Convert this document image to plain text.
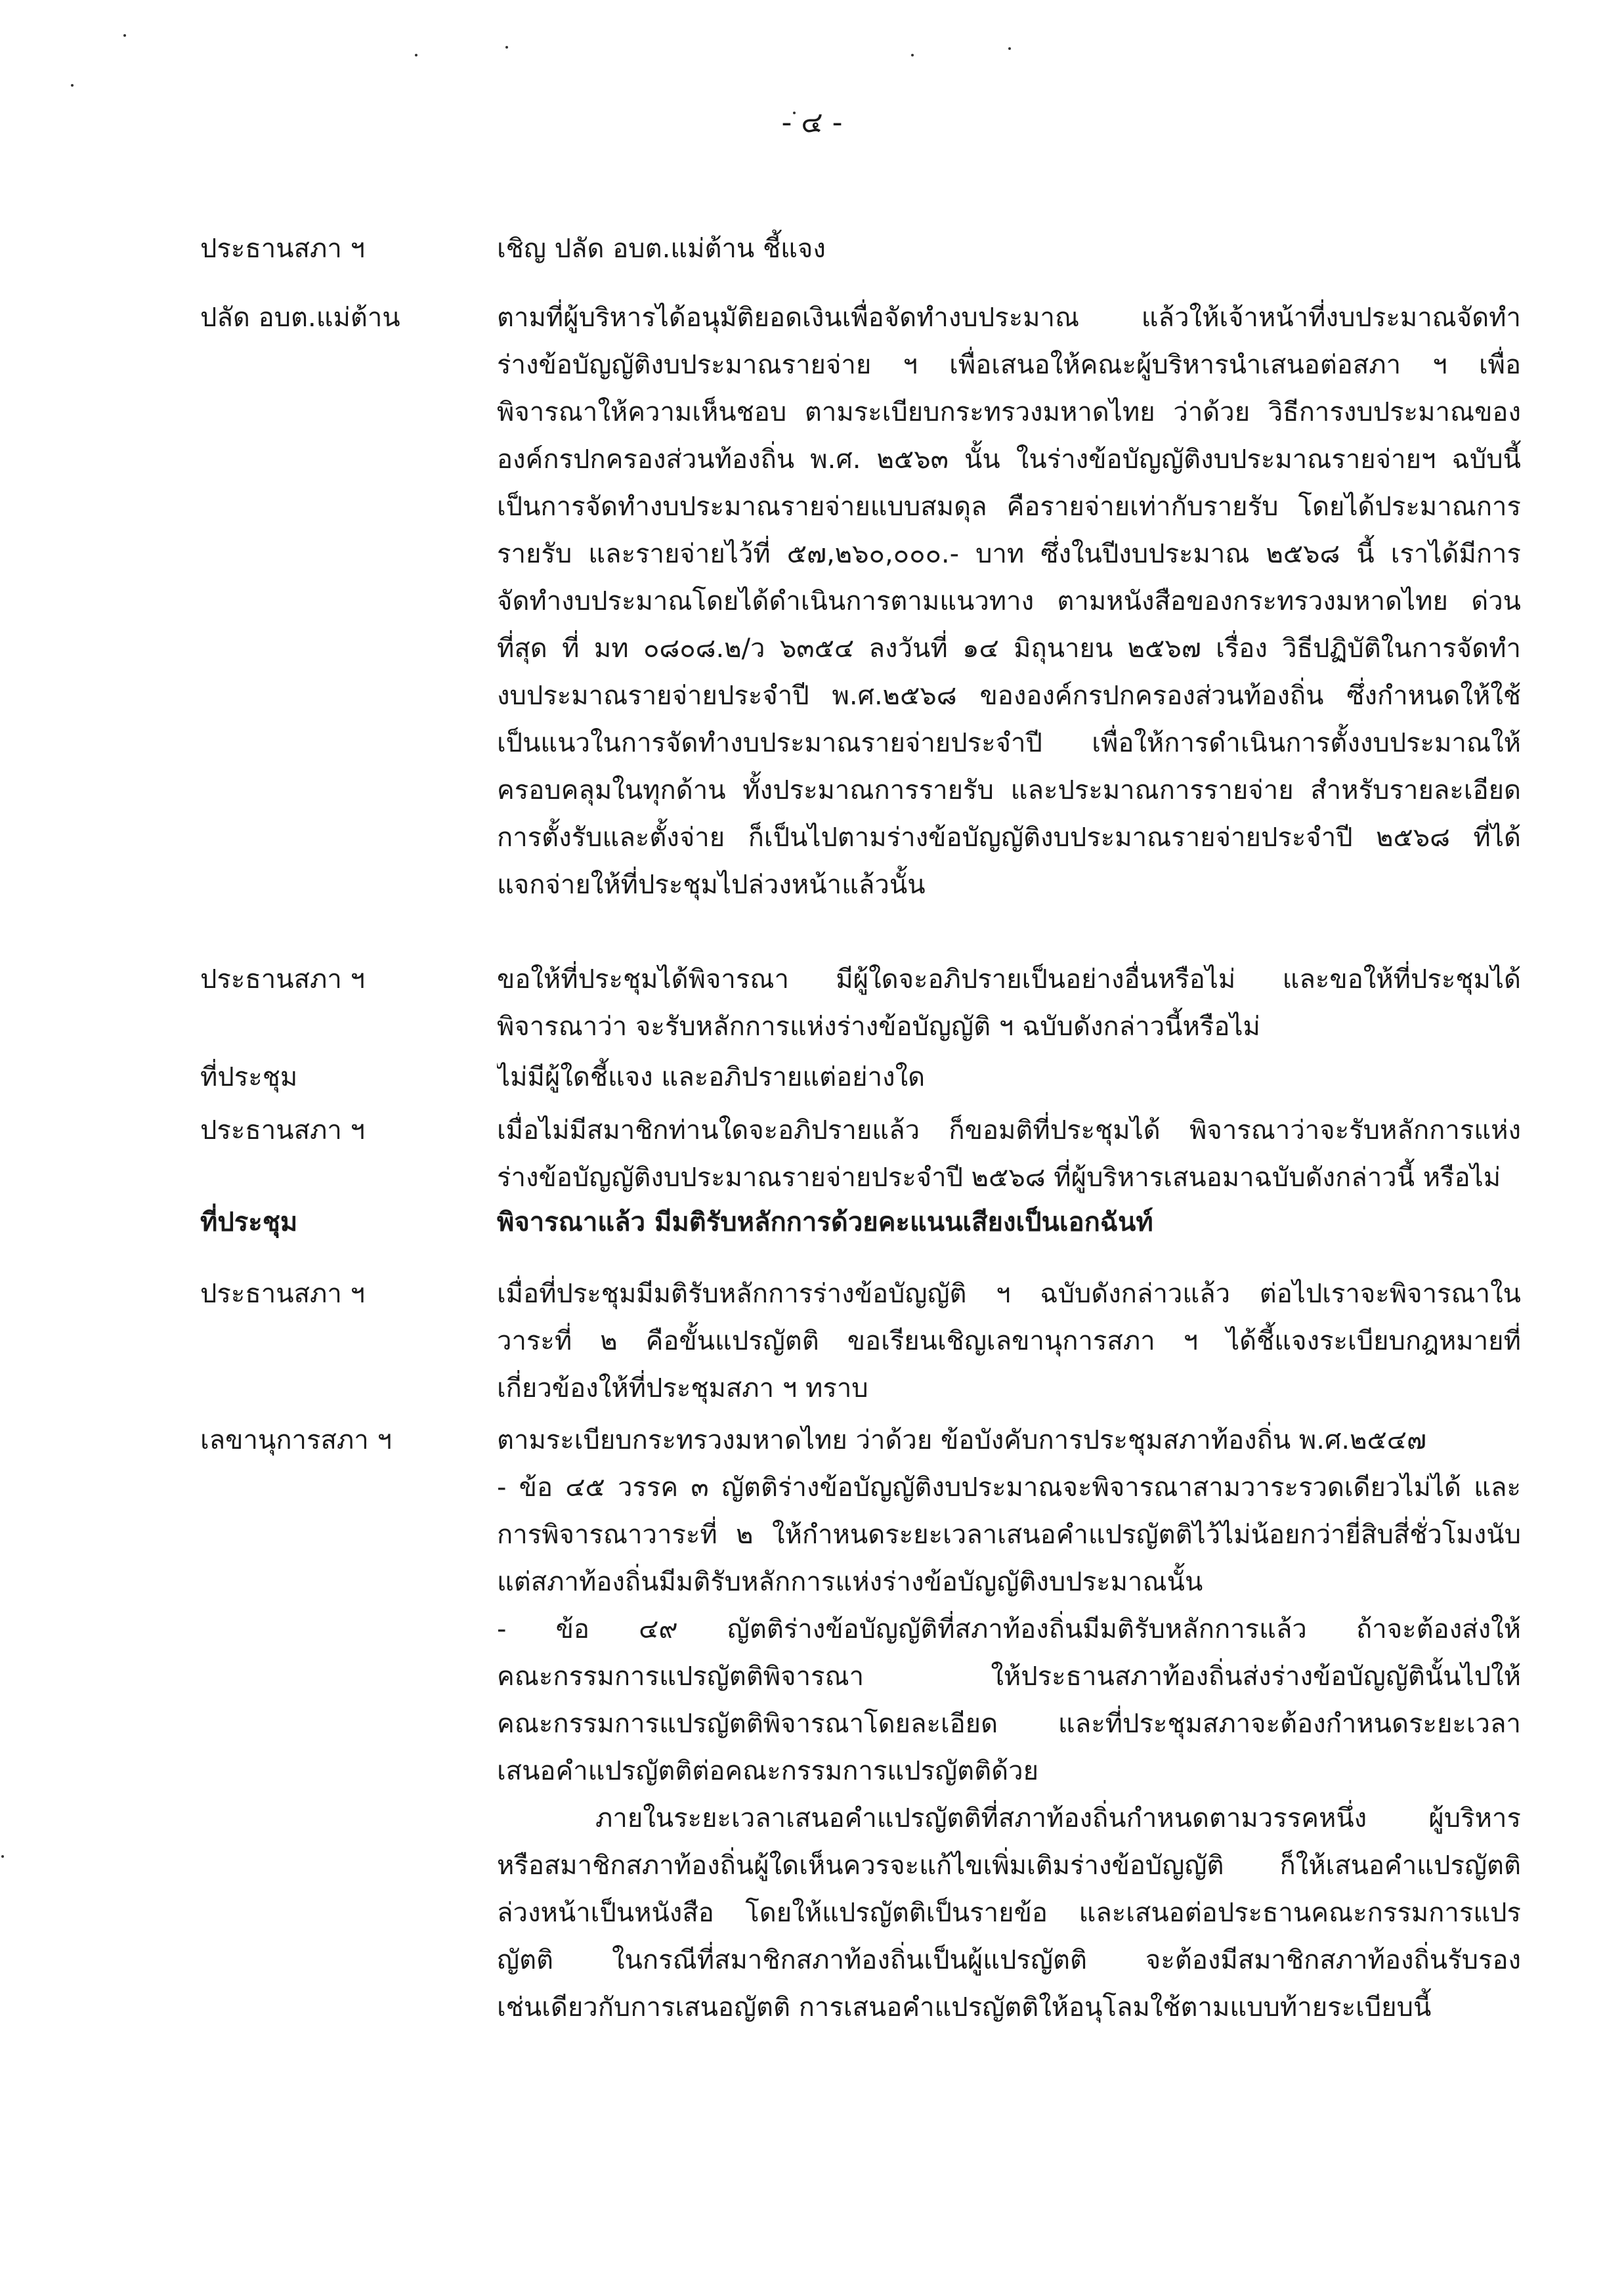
- ๔ -
ประธานสภา ฯ	เชิญ ปลัด อบต.แม่ต้าน ชี้แจง
ปลัด อบต.แม่ต้าน	ตามที่ผู้บริหารได้อนุมัติยอดเงินเพื่อจัดทำงบประมาณ แล้วให้เจ้าหน้าที่งบประมาณจัดทำ
ร่างข้อบัญญัติงบประมาณรายจ่าย ฯ เพื่อเสนอให้คณะผู้บริหารนำเสนอต่อสภา ฯ เพื่อ
พิจารณาให้ความเห็นชอบ ตามระเบียบกระทรวงมหาดไทย ว่าด้วย วิธีการงบประมาณของ
องค์กรปกครองส่วนท้องถิ่น พ.ศ. ๒๕๖๓ นั้น ในร่างข้อบัญญัติงบประมาณรายจ่ายฯ ฉบับนี้
เป็นการจัดทำงบประมาณรายจ่ายแบบสมดุล คือรายจ่ายเท่ากับรายรับ โดยได้ประมาณการ
รายรับ และรายจ่ายไว้ที่ ๕๗,๒๖๐,๐๐๐.- บาท ซึ่งในปีงบประมาณ ๒๕๖๘ นี้ เราได้มีการ
จัดทำงบประมาณโดยได้ดำเนินการตามแนวทาง ตามหนังสือของกระทรวงมหาดไทย ด่วน
ที่สุด ที่ มท ๐๘๐๘.๒/ว ๖๓๕๔ ลงวันที่ ๑๔ มิถุนายน ๒๕๖๗ เรื่อง วิธีปฏิบัติในการจัดทำ
งบประมาณรายจ่ายประจำปี พ.ศ.๒๕๖๘ ขององค์กรปกครองส่วนท้องถิ่น ซึ่งกำหนดให้ใช้
เป็นแนวในการจัดทำงบประมาณรายจ่ายประจำปี เพื่อให้การดำเนินการตั้งงบประมาณให้
ครอบคลุมในทุกด้าน ทั้งประมาณการรายรับ และประมาณการรายจ่าย สำหรับรายละเอียด
การตั้งรับและตั้งจ่าย ก็เป็นไปตามร่างข้อบัญญัติงบประมาณรายจ่ายประจำปี ๒๕๖๘ ที่ได้
แจกจ่ายให้ที่ประชุมไปล่วงหน้าแล้วนั้น
ประธานสภา ฯ	ขอให้ที่ประชุมได้พิจารณา มีผู้ใดจะอภิปรายเป็นอย่างอื่นหรือไม่ และขอให้ที่ประชุมได้
พิจารณาว่า จะรับหลักการแห่งร่างข้อบัญญัติ ฯ ฉบับดังกล่าวนี้หรือไม่
ที่ประชุม	ไม่มีผู้ใดชี้แจง และอภิปรายแต่อย่างใด
ประธานสภา ฯ	เมื่อไม่มีสมาชิกท่านใดจะอภิปรายแล้ว ก็ขอมติที่ประชุมได้ พิจารณาว่าจะรับหลักการแห่ง
ร่างข้อบัญญัติงบประมาณรายจ่ายประจำปี ๒๕๖๘ ที่ผู้บริหารเสนอมาฉบับดังกล่าวนี้ หรือไม่
ที่ประชุม	พิจารณาแล้ว มีมติรับหลักการด้วยคะแนนเสียงเป็นเอกฉันท์
ประธานสภา ฯ	เมื่อที่ประชุมมีมติรับหลักการร่างข้อบัญญัติ ฯ ฉบับดังกล่าวแล้ว ต่อไปเราจะพิจารณาใน
วาระที่ ๒ คือขั้นแปรญัตติ ขอเรียนเชิญเลขานุการสภา ฯ ได้ชี้แจงระเบียบกฎหมายที่
เกี่ยวข้องให้ที่ประชุมสภา ฯ ทราบ
เลขานุการสภา ฯ	ตามระเบียบกระทรวงมหาดไทย ว่าด้วย ข้อบังคับการประชุมสภาท้องถิ่น พ.ศ.๒๕๔๗
- ข้อ ๔๕ วรรค ๓ ญัตติร่างข้อบัญญัติงบประมาณจะพิจารณาสามวาระรวดเดียวไม่ได้ และ
การพิจารณาวาระที่ ๒ ให้กำหนดระยะเวลาเสนอคำแปรญัตติไว้ไม่น้อยกว่ายี่สิบสี่ชั่วโมงนับ
แต่สภาท้องถิ่นมีมติรับหลักการแห่งร่างข้อบัญญัติงบประมาณนั้น
- ข้อ ๔๙ ญัตติร่างข้อบัญญัติที่สภาท้องถิ่นมีมติรับหลักการแล้ว ถ้าจะต้องส่งให้
คณะกรรมการแปรญัตติพิจารณา ให้ประธานสภาท้องถิ่นส่งร่างข้อบัญญัตินั้นไปให้
คณะกรรมการแปรญัตติพิจารณาโดยละเอียด และที่ประชุมสภาจะต้องกำหนดระยะเวลา
เสนอคำแปรญัตติต่อคณะกรรมการแปรญัตติด้วย
ภายในระยะเวลาเสนอคำแปรญัตติที่สภาท้องถิ่นกำหนดตามวรรคหนึ่ง ผู้บริหาร
หรือสมาชิกสภาท้องถิ่นผู้ใดเห็นควรจะแก้ไขเพิ่มเติมร่างข้อบัญญัติ ก็ให้เสนอคำแปรญัตติ
ล่วงหน้าเป็นหนังสือ โดยให้แปรญัตติเป็นรายข้อ และเสนอต่อประธานคณะกรรมการแปร
ญัตติ ในกรณีที่สมาชิกสภาท้องถิ่นเป็นผู้แปรญัตติ จะต้องมีสมาชิกสภาท้องถิ่นรับรอง
เช่นเดียวกับการเสนอญัตติ การเสนอคำแปรญัตติให้อนุโลมใช้ตามแบบท้ายระเบียบนี้
